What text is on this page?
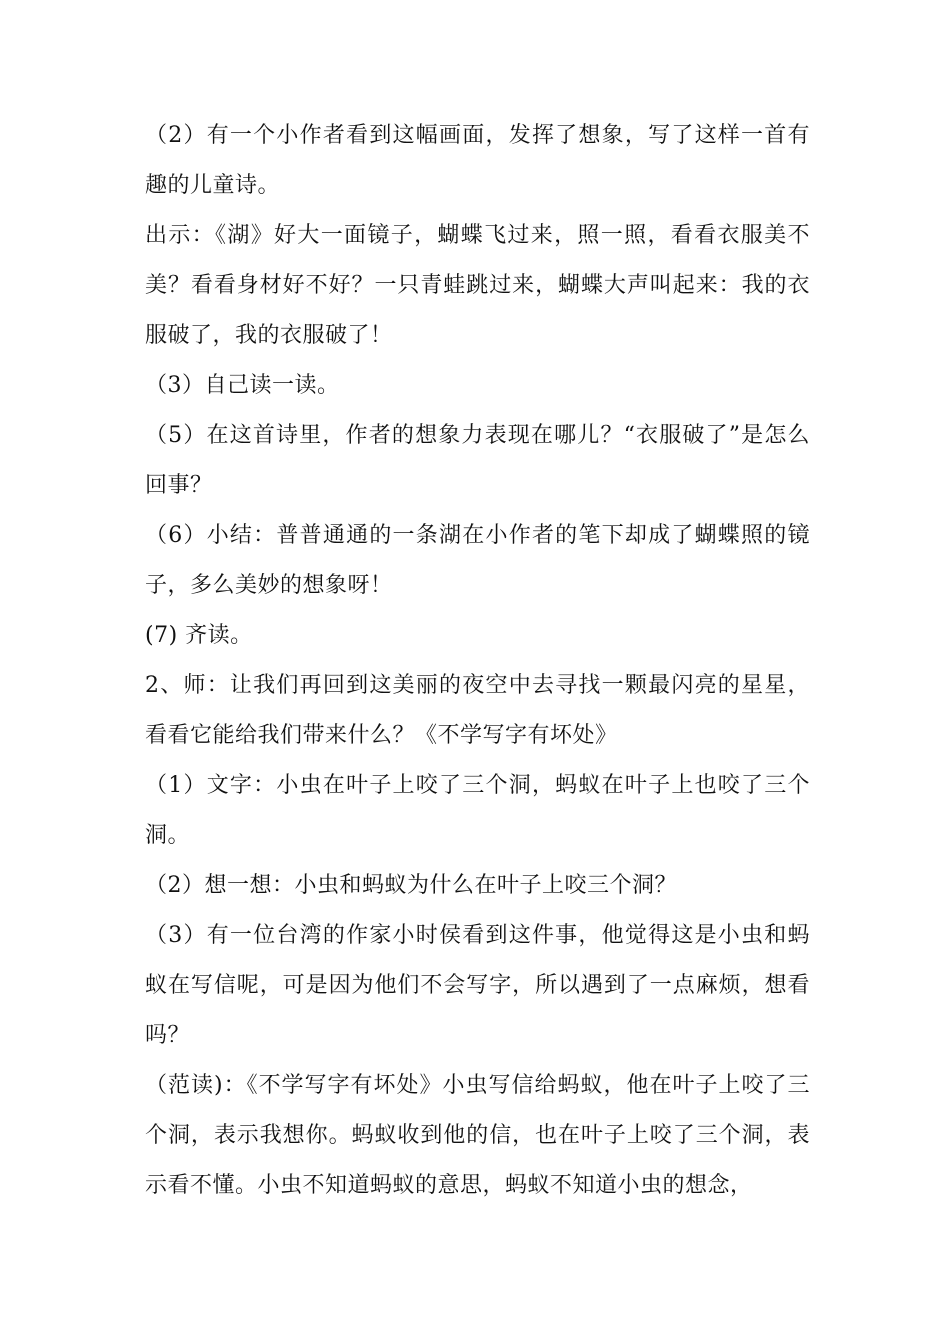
（2）有一个小作者看到这幅画面，发挥了想象，写了这样一首有趣的儿童诗。

出示：《湖》好大一面镜子，蝴蝶飞过来，照一照，看看衣服美不美？看看身材好不好？一只青蛙跳过来，蝴蝶大声叫起来：我的衣服破了，我的衣服破了！

（3）自己读一读。

（5）在这首诗里，作者的想象力表现在哪儿？“衣服破了”是怎么回事？

（6）小结：普普通通的一条湖在小作者的笔下却成了蝴蝶照的镜子，多么美妙的想象呀！

(7) 齐读。

2、师：让我们再回到这美丽的夜空中去寻找一颗最闪亮的星星，看看它能给我们带来什么？《不学写字有坏处》

（1）文字：小虫在叶子上咬了三个洞，蚂蚁在叶子上也咬了三个洞。

（2）想一想：小虫和蚂蚁为什么在叶子上咬三个洞？

（3）有一位台湾的作家小时侯看到这件事，他觉得这是小虫和蚂蚁在写信呢，可是因为他们不会写字，所以遇到了一点麻烦，想看吗？

（范读)：《不学写字有坏处》小虫写信给蚂蚁，他在叶子上咬了三个洞，表示我想你。蚂蚁收到他的信，也在叶子上咬了三个洞，表示看不懂。小虫不知道蚂蚁的意思，蚂蚁不知道小虫的想念，
